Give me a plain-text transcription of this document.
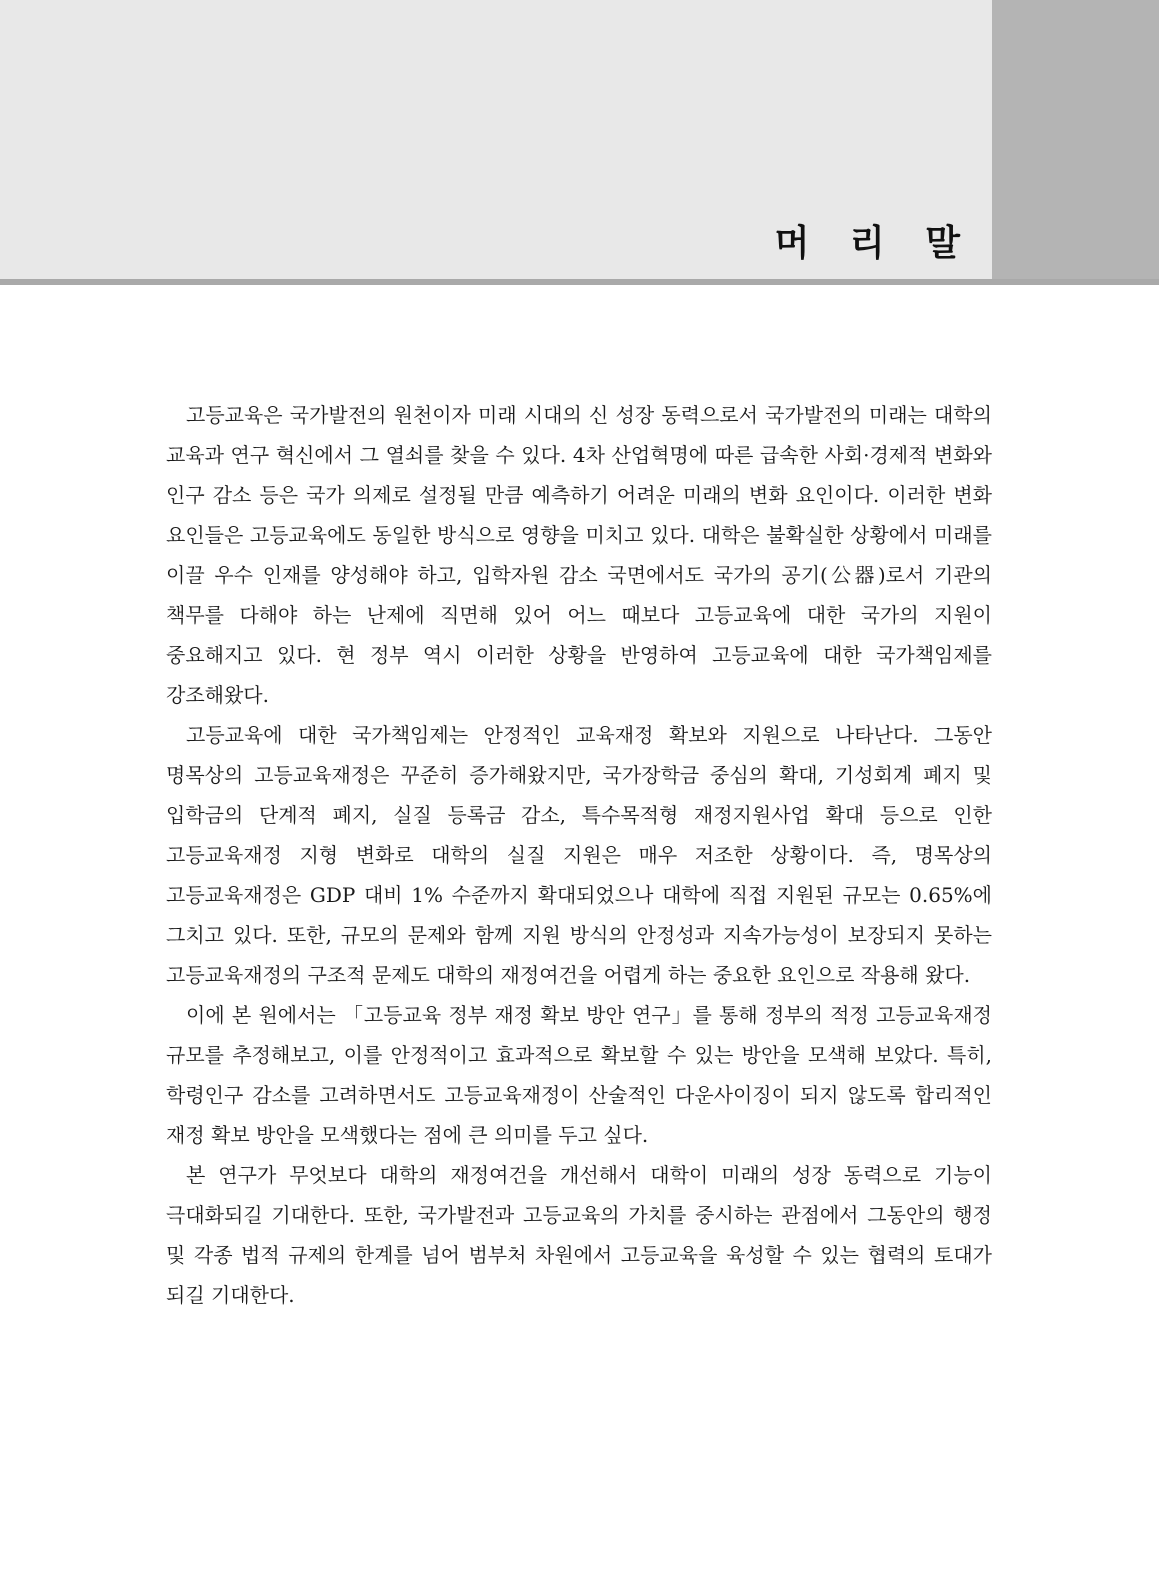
머 리 말

고등교육은 국가발전의 원천이자 미래 시대의 신 성장 동력으로서 국가발전의 미래는 대학의 교육과 연구 혁신에서 그 열쇠를 찾을 수 있다. 4차 산업혁명에 따른 급속한 사회·경제적 변화와 인구 감소 등은 국가 의제로 설정될 만큼 예측하기 어려운 미래의 변화 요인이다. 이러한 변화 요인들은 고등교육에도 동일한 방식으로 영향을 미치고 있다. 대학은 불확실한 상황에서 미래를 이끌 우수 인재를 양성해야 하고, 입학자원 감소 국면에서도 국가의 공기(公器)로서 기관의 책무를 다해야 하는 난제에 직면해 있어 어느 때보다 고등교육에 대한 국가의 지원이 중요해지고 있다. 현 정부 역시 이러한 상황을 반영하여 고등교육에 대한 국가책임제를 강조해왔다.

고등교육에 대한 국가책임제는 안정적인 교육재정 확보와 지원으로 나타난다. 그동안 명목상의 고등교육재정은 꾸준히 증가해왔지만, 국가장학금 중심의 확대, 기성회계 폐지 및 입학금의 단계적 폐지, 실질 등록금 감소, 특수목적형 재정지원사업 확대 등으로 인한 고등교육재정 지형 변화로 대학의 실질 지원은 매우 저조한 상황이다. 즉, 명목상의 고등교육재정은 GDP 대비 1% 수준까지 확대되었으나 대학에 직접 지원된 규모는 0.65%에 그치고 있다. 또한, 규모의 문제와 함께 지원 방식의 안정성과 지속가능성이 보장되지 못하는 고등교육재정의 구조적 문제도 대학의 재정여건을 어렵게 하는 중요한 요인으로 작용해 왔다.

이에 본 원에서는 「고등교육 정부 재정 확보 방안 연구」를 통해 정부의 적정 고등교육재정 규모를 추정해보고, 이를 안정적이고 효과적으로 확보할 수 있는 방안을 모색해 보았다. 특히, 학령인구 감소를 고려하면서도 고등교육재정이 산술적인 다운사이징이 되지 않도록 합리적인 재정 확보 방안을 모색했다는 점에 큰 의미를 두고 싶다.

본 연구가 무엇보다 대학의 재정여건을 개선해서 대학이 미래의 성장 동력으로 기능이 극대화되길 기대한다. 또한, 국가발전과 고등교육의 가치를 중시하는 관점에서 그동안의 행정 및 각종 법적 규제의 한계를 넘어 범부처 차원에서 고등교육을 육성할 수 있는 협력의 토대가 되길 기대한다.
